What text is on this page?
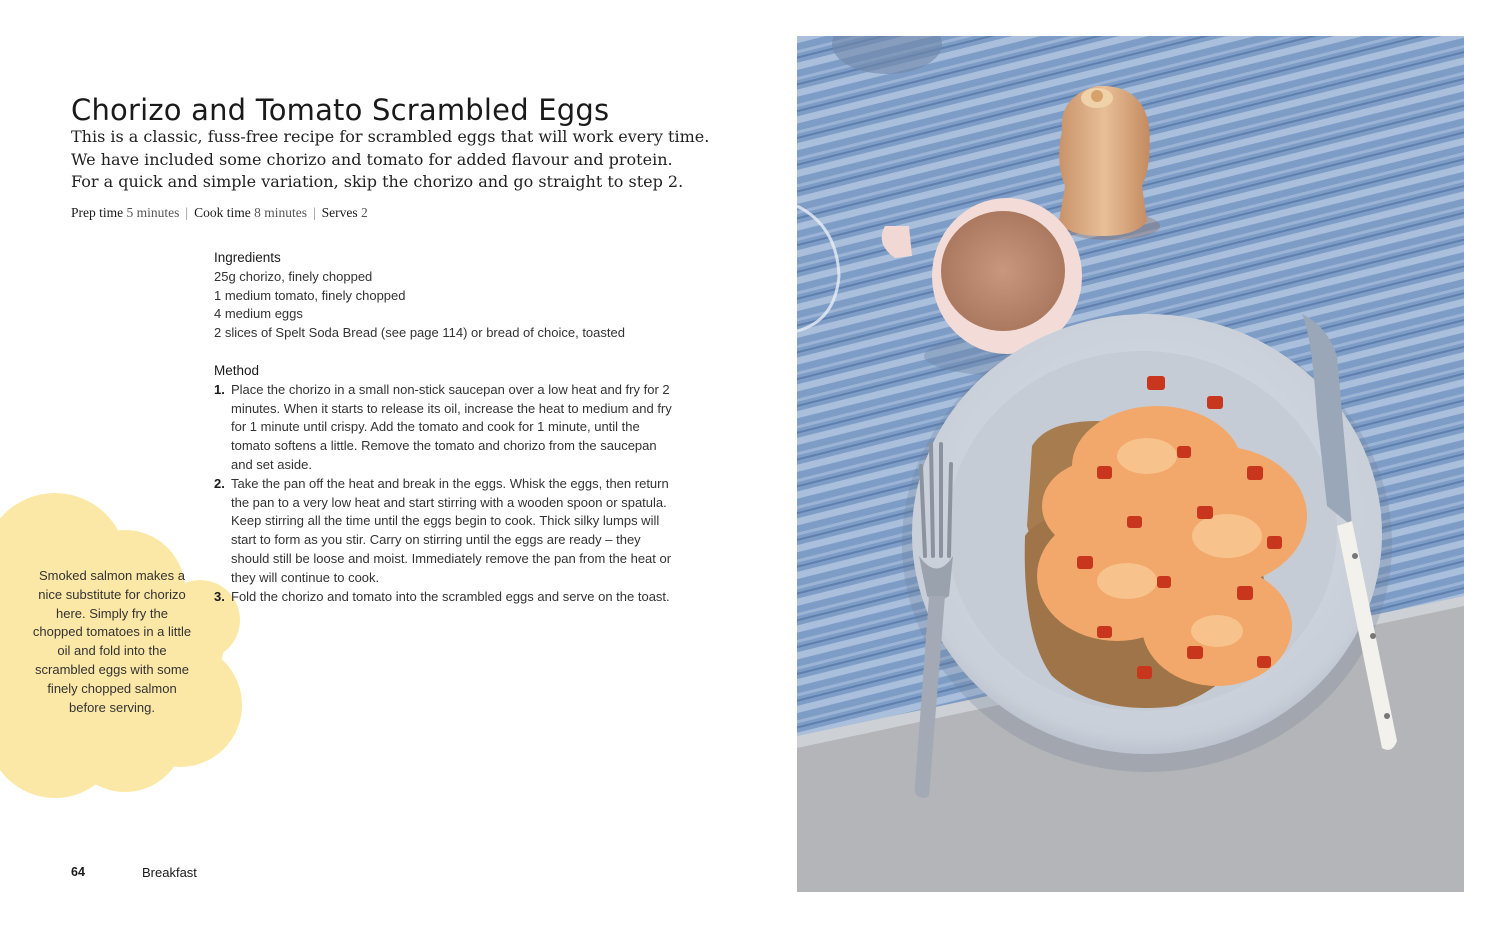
Chorizo and Tomato Scrambled Eggs

This is a classic, fuss-free recipe for scrambled eggs that will work every time.

We have included some chorizo and tomato for added flavour and protein.

For a quick and simple variation, skip the chorizo and go straight to step 2.

Prep time 5 minutes | Cook time 8 minutes | Serves 2
Ingredients
25g chorizo, finely chopped
1 medium tomato, finely chopped
4 medium eggs
2 slices of Spelt Soda Bread (see page 114) or bread of choice, toasted
Method
1. Place the chorizo in a small non-stick saucepan over a low heat and fry for 2 minutes. When it starts to release its oil, increase the heat to medium and fry for 1 minute until crispy. Add the tomato and cook for 1 minute, until the tomato softens a little. Remove the tomato and chorizo from the saucepan and set aside.
2. Take the pan off the heat and break in the eggs. Whisk the eggs, then return the pan to a very low heat and start stirring with a wooden spoon or spatula. Keep stirring all the time until the eggs begin to cook. Thick silky lumps will start to form as you stir. Carry on stirring until the eggs are ready – they should still be loose and moist. Immediately remove the pan from the heat or they will continue to cook.
3. Fold the chorizo and tomato into the scrambled eggs and serve on the toast.
Smoked salmon makes a nice substitute for chorizo here. Simply fry the chopped tomatoes in a little oil and fold into the scrambled eggs with some finely chopped salmon before serving.
64	Breakfast
